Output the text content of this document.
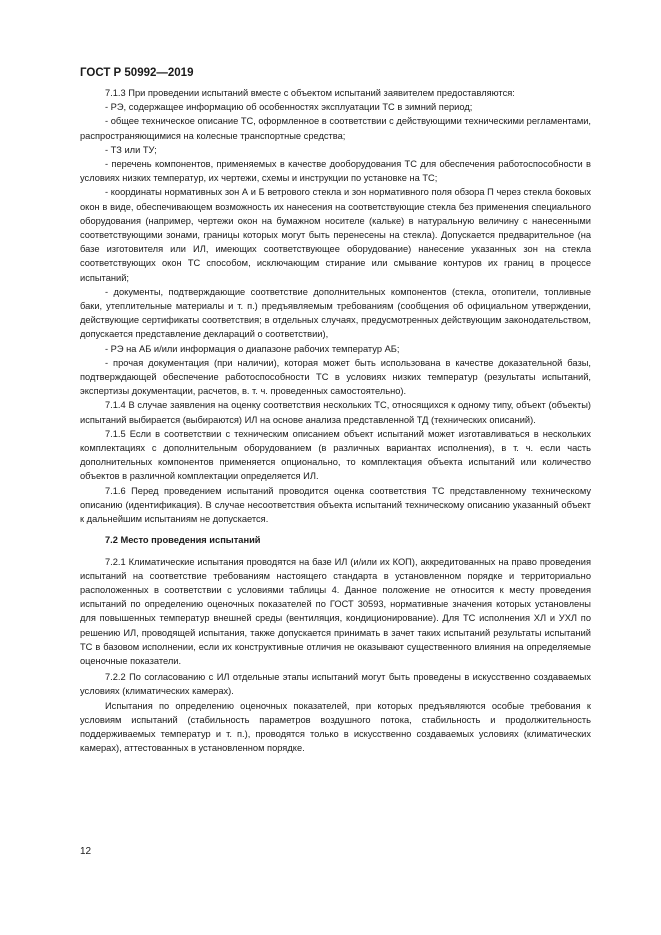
ГОСТ Р 50992—2019

7.1.3 При проведении испытаний вместе с объектом испытаний заявителем предоставляются:

- РЭ, содержащее информацию об особенностях эксплуатации ТС в зимний период;

- общее техническое описание ТС, оформленное в соответствии с действующими техническими регламентами, распространяющимися на колесные транспортные средства;

- ТЗ или ТУ;

- перечень компонентов, применяемых в качестве дооборудования ТС для обеспечения работоспособности в условиях низких температур, их чертежи, схемы и инструкции по установке на ТС;

- координаты нормативных зон А и Б ветрового стекла и зон нормативного поля обзора П через стекла боковых окон в виде, обеспечивающем возможность их нанесения на соответствующие стекла без применения специального оборудования (например, чертежи окон на бумажном носителе (кальке) в натуральную величину с нанесенными соответствующими зонами, границы которых могут быть перенесены на стекла). Допускается предварительное (на базе изготовителя или ИЛ, имеющих соответствующее оборудование) нанесение указанных зон на стекла соответствующих окон ТС способом, исключающим стирание или смывание контуров их границ в процессе испытаний;

- документы, подтверждающие соответствие дополнительных компонентов (стекла, отопители, топливные баки, утеплительные материалы и т. п.) предъявляемым требованиям (сообщения об официальном утверждении, действующие сертификаты соответствия; в отдельных случаях, предусмотренных действующим законодательством, допускается представление деклараций о соответствии),

- РЭ на АБ и/или информация о диапазоне рабочих температур АБ;

- прочая документация (при наличии), которая может быть использована в качестве доказательной базы, подтверждающей обеспечение работоспособности ТС в условиях низких температур (результаты испытаний, экспертизы документации, расчетов, в. т. ч. проведенных самостоятельно).

7.1.4 В случае заявления на оценку соответствия нескольких ТС, относящихся к одному типу, объект (объекты) испытаний выбирается (выбираются) ИЛ на основе анализа представленной ТД (технических описаний).

7.1.5 Если в соответствии с техническим описанием объект испытаний может изготавливаться в нескольких комплектациях с дополнительным оборудованием (в различных вариантах исполнения), в т. ч. если часть дополнительных компонентов применяется опционально, то комплектация объекта испытаний или количество объектов в различной комплектации определяется ИЛ.

7.1.6 Перед проведением испытаний проводится оценка соответствия ТС представленному техническому описанию (идентификация). В случае несоответствия объекта испытаний техническому описанию указанный объект к дальнейшим испытаниям не допускается.

7.2 Место проведения испытаний

7.2.1 Климатические испытания проводятся на базе ИЛ (и/или их КОП), аккредитованных на право проведения испытаний на соответствие требованиям настоящего стандарта в установленном порядке и территориально расположенных в соответствии с условиями таблицы 4. Данное положение не относится к месту проведения испытаний по определению оценочных показателей по ГОСТ 30593, нормативные значения которых установлены для повышенных температур внешней среды (вентиляция, кондиционирование). Для ТС исполнения ХЛ и УХЛ по решению ИЛ, проводящей испытания, также допускается принимать в зачет таких испытаний результаты испытаний ТС в базовом исполнении, если их конструктивные отличия не оказывают существенного влияния на определяемые оценочные показатели.

7.2.2 По согласованию с ИЛ отдельные этапы испытаний могут быть проведены в искусственно создаваемых условиях (климатических камерах).

Испытания по определению оценочных показателей, при которых предъявляются особые требования к условиям испытаний (стабильность параметров воздушного потока, стабильность и продолжительность поддерживаемых температур и т. п.), проводятся только в искусственно создаваемых условиях (климатических камерах), аттестованных в установленном порядке.

12
